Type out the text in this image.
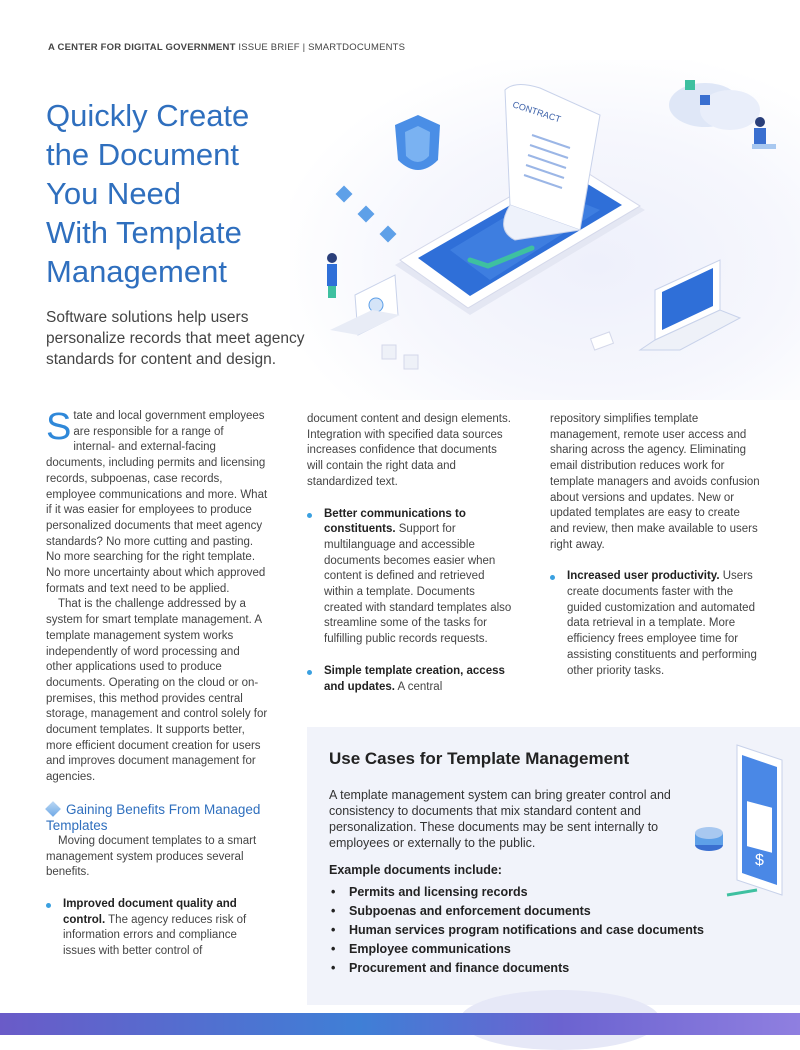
A CENTER FOR DIGITAL GOVERNMENT ISSUE BRIEF | SMARTDOCUMENTS
Quickly Create
the Document
You Need
With Template
Management
Software solutions help users personalize records that meet agency standards for content and design.
CONTRACT

State and local government employees are responsible for a range of internal- and external-facing documents, including permits and licensing records, subpoenas, case records, employee communications and more. What if it was easier for employees to produce personalized documents that meet agency standards? No more cutting and pasting. No more searching for the right template. No more uncertainty about which approved formats and text need to be applied.

That is the challenge addressed by a system for smart template management. A template management system works independently of word processing and other applications used to produce documents. Operating on the cloud or on-premises, this method provides central storage, management and control solely for document templates. It supports better, more efficient document creation for users and improves document management for agencies.

Gaining Benefits From Managed Templates

Moving document templates to a smart management system produces several benefits.

Improved document quality and control. The agency reduces risk of information errors and compliance issues with better control of

document content and design elements. Integration with specified data sources increases confidence that documents will contain the right data and standardized text.

Better communications to constituents. Support for multilanguage and accessible documents becomes easier when content is defined and retrieved within a template. Documents created with standard templates also streamline some of the tasks for fulfilling public records requests.

Simple template creation, access and updates. A central

repository simplifies template management, remote user access and sharing across the agency. Eliminating email distribution reduces work for template managers and avoids confusion about versions and updates. New or updated templates are easy to create and review, then make available to users right away.

Increased user productivity. Users create documents faster with the guided customization and automated data retrieval in a template. More efficiency frees employee time for assisting constituents and performing other priority tasks.

Use Cases for Template Management
A template management system can bring greater control and consistency to documents that mix standard content and personalization. These documents may be sent internally to employees or externally to the public.
Example documents include:
• Permits and licensing records
• Subpoenas and enforcement documents
• Human services program notifications and case documents
• Employee communications
• Procurement and finance documents
$
